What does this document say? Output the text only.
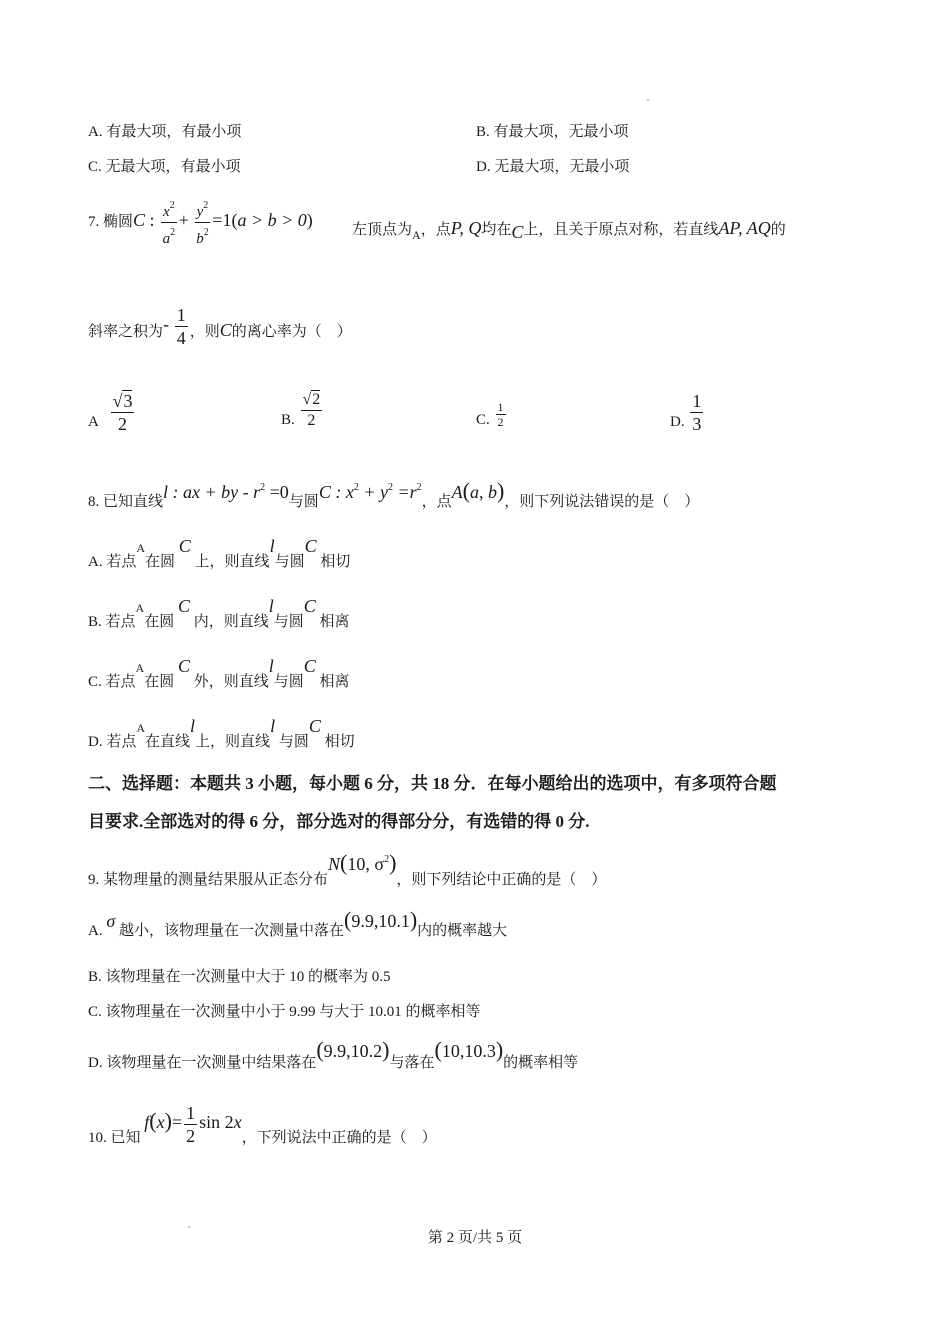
A. 有最大项，有最小项	B. 有最大项，无最小项
C. 无最大项，有最小项	D. 无最大项，无最小项
7. 椭圆C : $\frac{x^2}{a^2} + \frac{y^2}{b^2} =1(a > b > 0)$
左顶点为$_A$，点P, Q均在C上，且关于原点对称，若直线AP, AQ的
斜率之积为- $\frac{1}{4}$ ，则C的离心率为（　）
A $\frac{√3}{2}$	B. $\frac{√2}{2}$	C. $\frac{1}{2}$	D. $\frac{1}{3}$
8. 已知直线l : ax + by - $r^2 =0$与圆C : $x^2 + y^2 =r^2$，点A(a, b)，则下列说法错误的是（　）
A. 若点$^A$在圆 C 上，则直线l与圆C 相切
B. 若点$^A$在圆 C 内，则直线l与圆C 相离
C. 若点$^A$在圆 C 外，则直线l与圆C 相离
D. 若点$^A$在直线l上，则直线l 与圆C 相切
二、选择题：本题共 3 小题，每小题 6 分，共 18 分．在每小题给出的选项中，有多项符合题
目要求.全部选对的得 6 分，部分选对的得部分分，有选错的得 0 分.
9. 某物理量的测量结果服从正态分布N(10, $\sigma^2$)，则下列结论中正确的是（　）
A. σ 越小，该物理量在一次测量中落在(9.9,10.1)内的概率越大
B. 该物理量在一次测量中大于 10 的概率为 0.5
C. 该物理量在一次测量中小于 9.99 与大于 10.01 的概率相等
D. 该物理量在一次测量中结果落在(9.9,10.2)与落在(10,10.3)的概率相等
10. 已知 $f(x)= \frac{1}{2}$ sin 2x，下列说法中正确的是（　）
第 2 页/共 5 页
